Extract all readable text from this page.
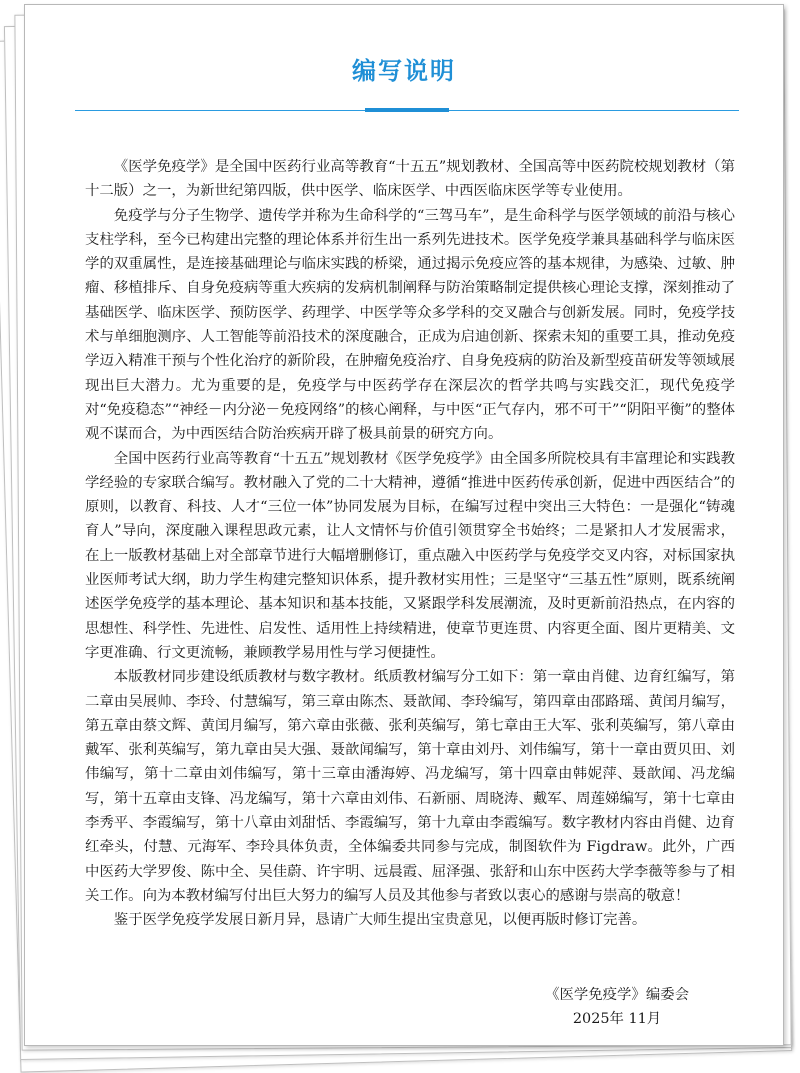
编写说明

《医学免疫学》是全国中医药行业高等教育“十五五”规划教材、全国高等中医药院校规划教材（第十二版）之一，为新世纪第四版，供中医学、临床医学、中西医临床医学等专业使用。

免疫学与分子生物学、遗传学并称为生命科学的“三驾马车”，是生命科学与医学领域的前沿与核心支柱学科，至今已构建出完整的理论体系并衍生出一系列先进技术。医学免疫学兼具基础科学与临床医学的双重属性，是连接基础理论与临床实践的桥梁，通过揭示免疫应答的基本规律，为感染、过敏、肿瘤、移植排斥、自身免疫病等重大疾病的发病机制阐释与防治策略制定提供核心理论支撑，深刻推动了基础医学、临床医学、预防医学、药理学、中医学等众多学科的交叉融合与创新发展。同时，免疫学技术与单细胞测序、人工智能等前沿技术的深度融合，正成为启迪创新、探索未知的重要工具，推动免疫学迈入精准干预与个性化治疗的新阶段，在肿瘤免疫治疗、自身免疫病的防治及新型疫苗研发等领域展现出巨大潜力。尤为重要的是，免疫学与中医药学存在深层次的哲学共鸣与实践交汇，现代免疫学对“免疫稳态”“神经－内分泌－免疫网络”的核心阐释，与中医“正气存内，邪不可干”“阴阳平衡”的整体观不谋而合，为中西医结合防治疾病开辟了极具前景的研究方向。

全国中医药行业高等教育“十五五”规划教材《医学免疫学》由全国多所院校具有丰富理论和实践教学经验的专家联合编写。教材融入了党的二十大精神，遵循“推进中医药传承创新，促进中西医结合”的原则，以教育、科技、人才“三位一体”协同发展为目标，在编写过程中突出三大特色：一是强化“铸魂育人”导向，深度融入课程思政元素，让人文情怀与价值引领贯穿全书始终；二是紧扣人才发展需求，在上一版教材基础上对全部章节进行大幅增删修订，重点融入中医药学与免疫学交叉内容，对标国家执业医师考试大纲，助力学生构建完整知识体系，提升教材实用性；三是坚守“三基五性”原则，既系统阐述医学免疫学的基本理论、基本知识和基本技能，又紧跟学科发展潮流，及时更新前沿热点，在内容的思想性、科学性、先进性、启发性、适用性上持续精进，使章节更连贯、内容更全面、图片更精美、文字更准确、行文更流畅，兼顾教学易用性与学习便捷性。

本版教材同步建设纸质教材与数字教材。纸质教材编写分工如下：第一章由肖健、边育红编写，第二章由吴展帅、李玲、付慧编写，第三章由陈杰、聂歆闻、李玲编写，第四章由邵路瑶、黄闰月编写，第五章由蔡文辉、黄闰月编写，第六章由张薇、张利英编写，第七章由王大军、张利英编写，第八章由戴军、张利英编写，第九章由吴大强、聂歆闻编写，第十章由刘丹、刘伟编写，第十一章由贾贝田、刘伟编写，第十二章由刘伟编写，第十三章由潘海婷、冯龙编写，第十四章由韩妮萍、聂歆闻、冯龙编写，第十五章由支锋、冯龙编写，第十六章由刘伟、石新丽、周晓涛、戴军、周莲娣编写，第十七章由李秀平、李霞编写，第十八章由刘甜恬、李霞编写，第十九章由李霞编写。数字教材内容由肖健、边育红牵头，付慧、元海军、李玲具体负责，全体编委共同参与完成，制图软件为 Figdraw。此外，广西中医药大学罗俊、陈中全、吴佳蔚、许宇明、远晨霞、屈泽强、张舒和山东中医药大学李薇等参与了相关工作。向为本教材编写付出巨大努力的编写人员及其他参与者致以衷心的感谢与崇高的敬意！

鉴于医学免疫学发展日新月异，恳请广大师生提出宝贵意见，以便再版时修订完善。

《医学免疫学》编委会
2025年 11月
